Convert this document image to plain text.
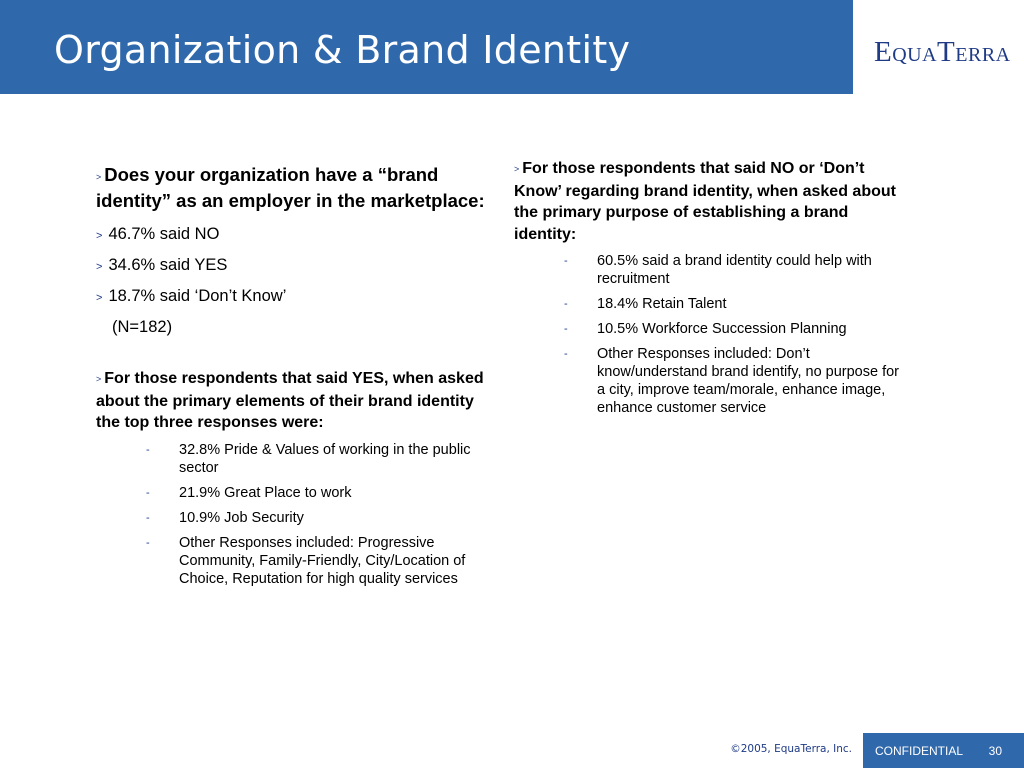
Organization & Brand Identity	EquaTerra

> Does your organization have a “brand identity” as an employer in the marketplace:

> 46.7% said NO

> 34.6% said YES

> 18.7% said ‘Don’t Know’

(N=182)

> For those respondents that said YES, when asked about the primary elements of their brand identity the top three responses were:

- 32.8% Pride & Values of working in the public sector
- 21.9% Great Place to work
- 10.9% Job Security
- Other Responses included: Progressive Community, Family-Friendly, City/Location of Choice, Reputation for high quality services

> For those respondents that said NO or ‘Don’t Know’ regarding brand identity, when asked about the primary purpose of establishing a brand identity:

- 60.5% said a brand identity could help with recruitment
- 18.4% Retain Talent
- 10.5% Workforce Succession Planning
- Other Responses included: Don’t know/understand brand identify, no purpose for a city, improve team/morale, enhance image, enhance customer service
©2005, EquaTerra, Inc. CONFIDENTIAL 30
